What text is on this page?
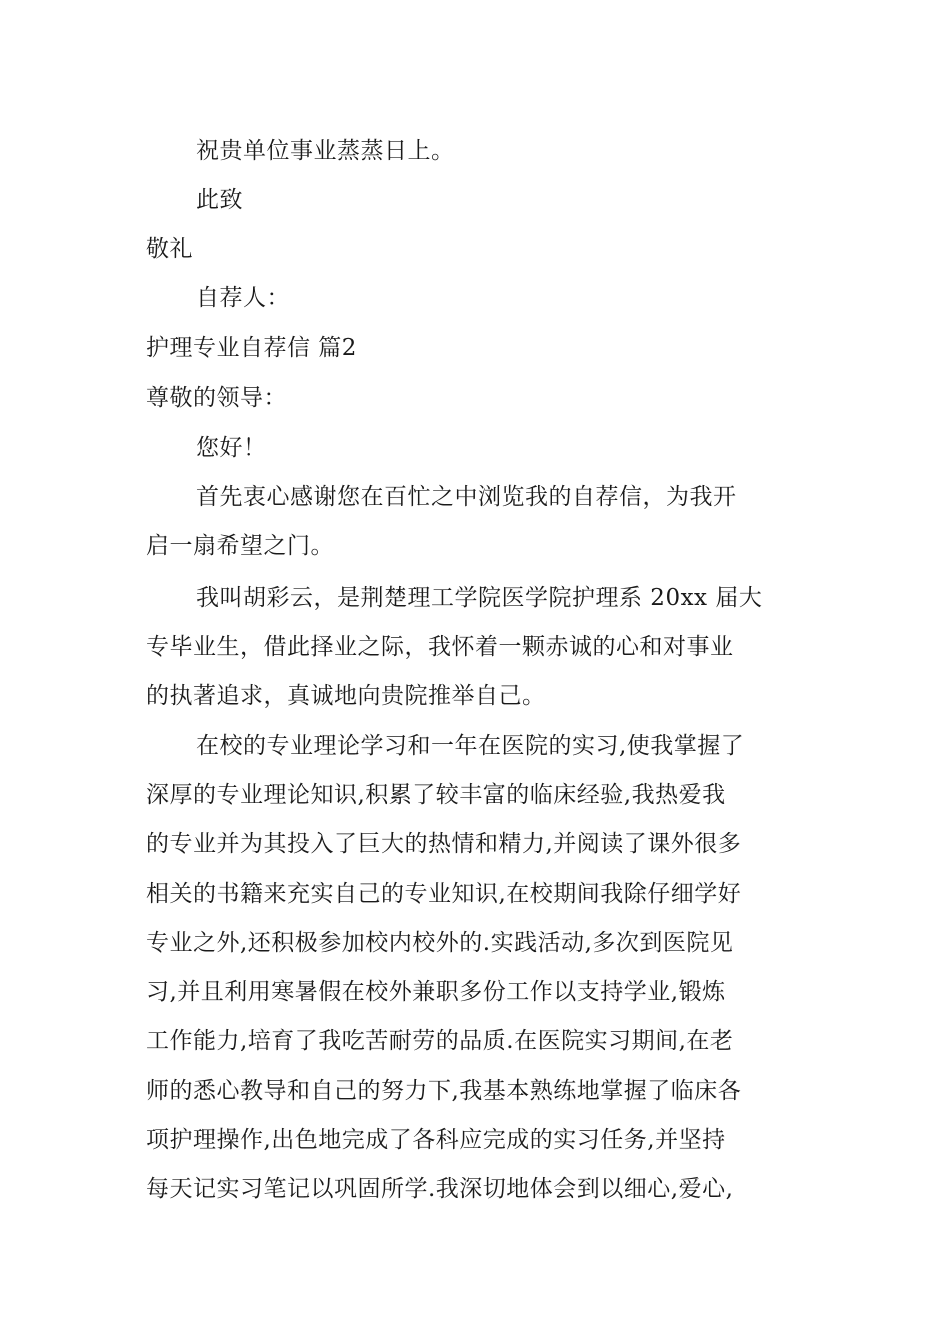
祝贵单位事业蒸蒸日上。
此致
敬礼
自荐人：
护理专业自荐信 篇2
尊敬的领导：
您好！
首先衷心感谢您在百忙之中浏览我的自荐信，为我开
启一扇希望之门。
我叫胡彩云，是荆楚理工学院医学院护理系 20xx 届大
专毕业生，借此择业之际，我怀着一颗赤诚的心和对事业
的执著追求，真诚地向贵院推举自己。
在校的专业理论学习和一年在医院的实习,使我掌握了
深厚的专业理论知识,积累了较丰富的临床经验,我热爱我
的专业并为其投入了巨大的热情和精力,并阅读了课外很多
相关的书籍来充实自己的专业知识,在校期间我除仔细学好
专业之外,还积极参加校内校外的.实践活动,多次到医院见
习,并且利用寒暑假在校外兼职多份工作以支持学业,锻炼
工作能力,培育了我吃苦耐劳的品质.在医院实习期间,在老
师的悉心教导和自己的努力下,我基本熟练地掌握了临床各
项护理操作,出色地完成了各科应完成的实习任务,并坚持
每天记实习笔记以巩固所学.我深切地体会到以细心,爱心,
